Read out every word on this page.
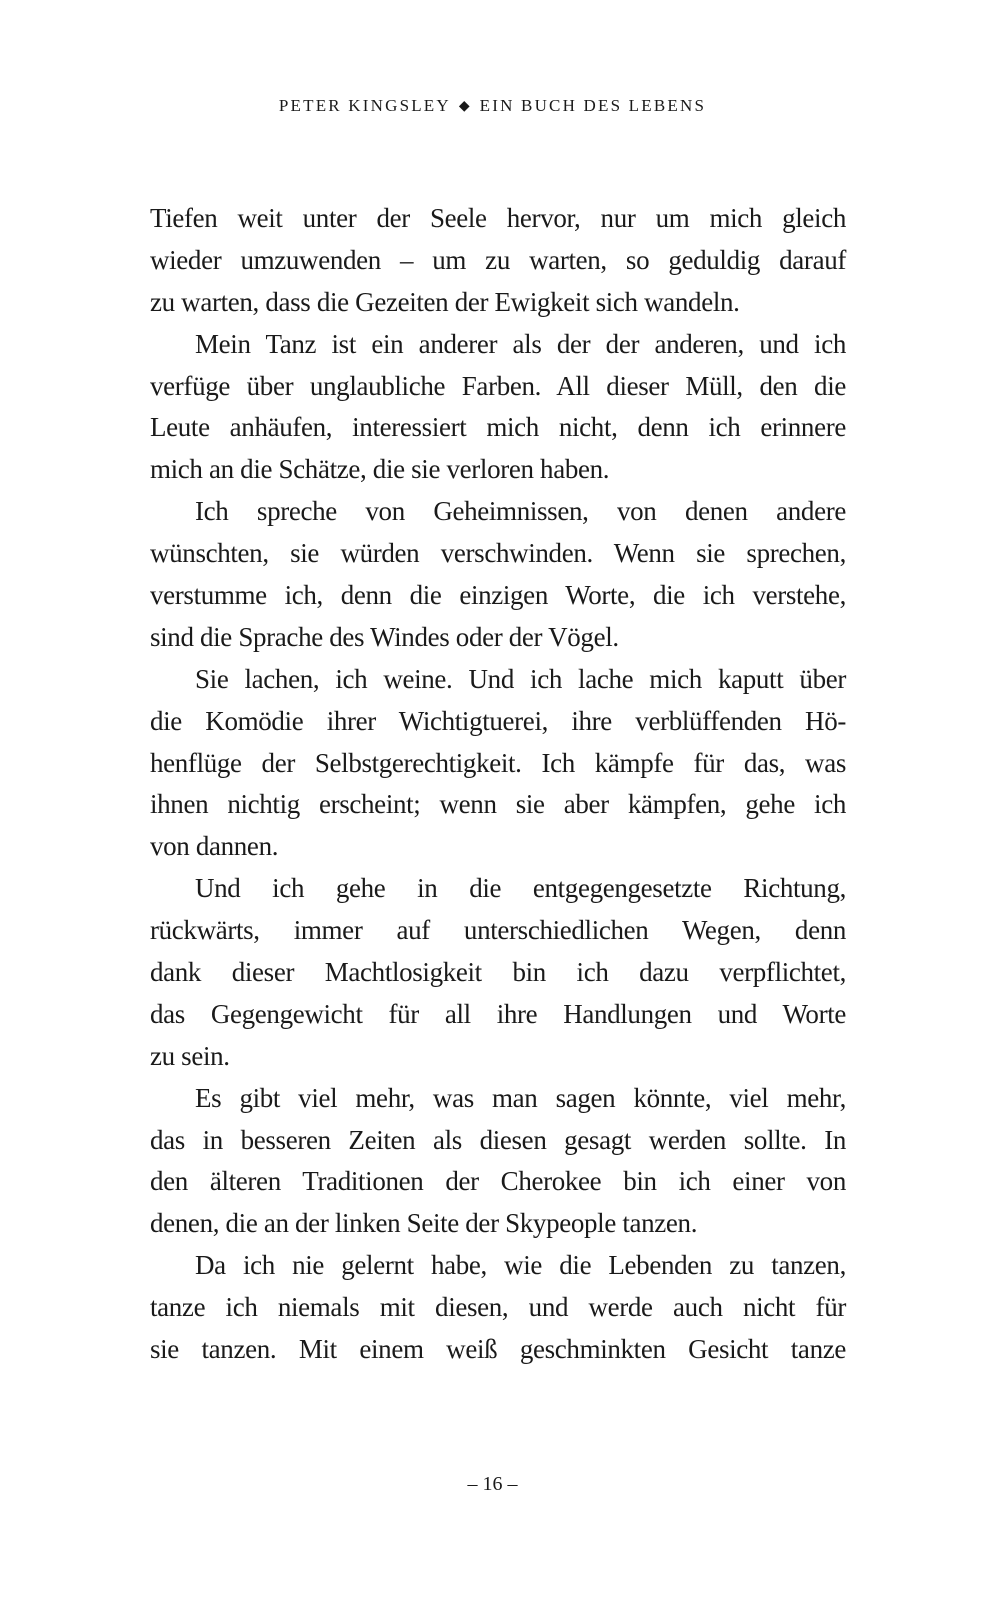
PETER KINGSLEY ◆ EIN BUCH DES LEBENS
Tiefen weit unter der Seele hervor, nur um mich gleich
wieder umzuwenden – um zu warten, so geduldig darauf
zu warten, dass die Gezeiten der Ewigkeit sich wandeln.
Mein Tanz ist ein anderer als der der anderen, und ich
verfüge über unglaubliche Farben. All dieser Müll, den die
Leute anhäufen, interessiert mich nicht, denn ich erinnere
mich an die Schätze, die sie verloren haben.
Ich spreche von Geheimnissen, von denen andere
wünschten, sie würden verschwinden. Wenn sie sprechen,
verstumme ich, denn die einzigen Worte, die ich verstehe,
sind die Sprache des Windes oder der Vögel.
Sie lachen, ich weine. Und ich lache mich kaputt über
die Komödie ihrer Wichtigtuerei, ihre verblüffenden Hö-
henflüge der Selbstgerechtigkeit. Ich kämpfe für das, was
ihnen nichtig erscheint; wenn sie aber kämpfen, gehe ich
von dannen.
Und ich gehe in die entgegengesetzte Richtung,
rückwärts, immer auf unterschiedlichen Wegen, denn
dank dieser Machtlosigkeit bin ich dazu verpflichtet,
das Gegengewicht für all ihre Handlungen und Worte
zu sein.
Es gibt viel mehr, was man sagen könnte, viel mehr,
das in besseren Zeiten als diesen gesagt werden sollte. In
den älteren Traditionen der Cherokee bin ich einer von
denen, die an der linken Seite der Skypeople tanzen.
Da ich nie gelernt habe, wie die Lebenden zu tanzen,
tanze ich niemals mit diesen, und werde auch nicht für
sie tanzen. Mit einem weiß geschminkten Gesicht tanze
– 16 –
